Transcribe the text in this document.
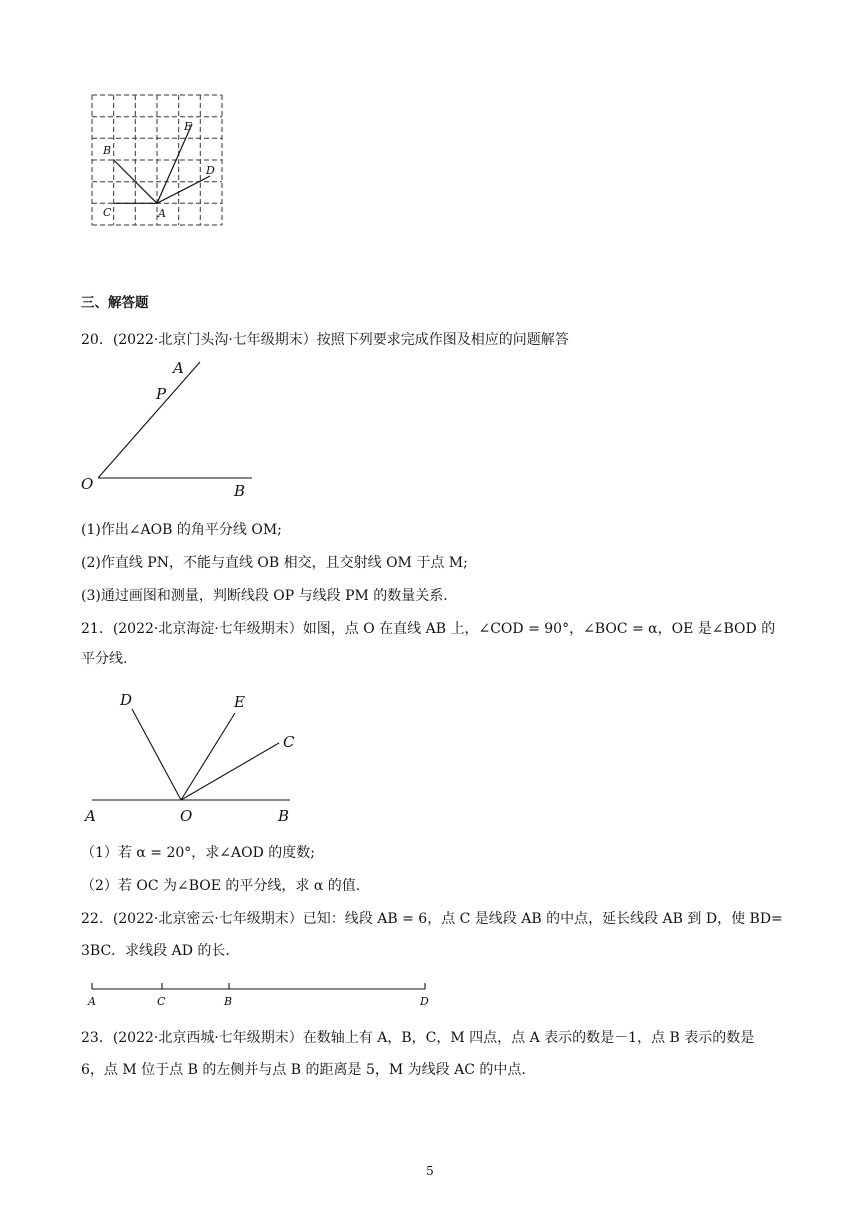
E
B
D
C	A
三、解答题
20．(2022·北京门头沟·七年级期末）按照下列要求完成作图及相应的问题解答
A
P
O	B
(1)作出∠AOB 的角平分线 OM;
(2)作直线 PN，不能与直线 OB 相交，且交射线 OM 于点 M;
(3)通过画图和测量，判断线段 OP 与线段 PM 的数量关系.
21．(2022·北京海淀·七年级期末）如图，点 O 在直线 AB 上，∠COD = 90°，∠BOC = α，OE 是∠BOD 的
平分线.
D	E
C
A	O	B
（1）若 α = 20°，求∠AOD 的度数;
（2）若 OC 为∠BOE 的平分线，求 α 的值.
22．(2022·北京密云·七年级期末）已知：线段 AB = 6，点 C 是线段 AB 的中点，延长线段 AB 到 D，使 BD=
3BC．求线段 AD 的长.
A	C	B	D
23．(2022·北京西城·七年级期末）在数轴上有 A，B，C，M 四点，点 A 表示的数是－1，点 B 表示的数是
6，点 M 位于点 B 的左侧并与点 B 的距离是 5，M 为线段 AC 的中点.
5
